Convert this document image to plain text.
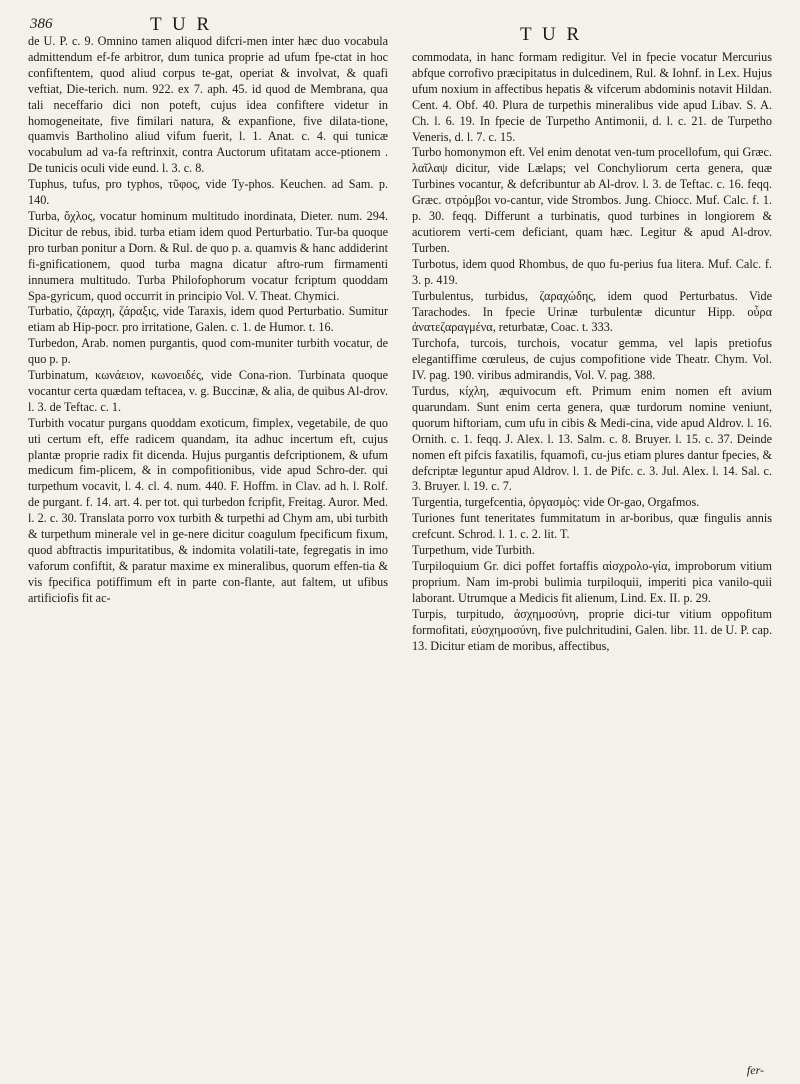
386	T U R	T U R

de U. P. c. 9. Omnino tamen aliquod difcri-men inter hæc duo vocabula admittendum ef-fe arbitror, dum tunica proprie ad ufum fpe-ctat in hoc confiftentem, quod aliud corpus te-gat, operiat & involvat, & quafi veftiat, Die-terich. num. 922. ex 7. aph. 45. id quod de Membrana, qua tali neceffario dici non poteft, cujus idea confiftere videtur in homogeneitate, five fimilari natura, & expanfione, five dilata-tione, quamvis Bartholino aliud vifum fuerit, l. 1. Anat. c. 4. qui tunicæ vocabulum ad va-fa reftrinxit, contra Auctorum ufitatam acce-ptionem . De tunicis oculi vide eund. l. 3. c. 8.

Tuphus, tufus, pro typhos, τῦφος, vide Ty-phos. Keuchen. ad Sam. p. 140.

Turba, ὄχλος, vocatur hominum multitudo inordinata, Dieter. num. 294. Dicitur de rebus, ibid. turba etiam idem quod Perturbatio. Tur-ba quoque pro turban ponitur a Dorn. & Rul. de quo p. a. quamvis & hanc addiderint fi-gnificationem, quod turba magna dicatur aftro-rum firmamenti innumera multitudo. Turba Philofophorum vocatur fcriptum quoddam Spa-gyricum, quod occurrit in principio Vol. V. Theat. Chymici.

Turbatio, ζάραχη, ζάραξις, vide Taraxis, idem quod Perturbatio. Sumitur etiam ab Hip-pocr. pro irritatione, Galen. c. 1. de Humor. t. 16.

Turbedon, Arab. nomen purgantis, quod com-muniter turbith vocatur, de quo p. p.

Turbinatum, κωνάειον, κωνοειδές, vide Cona-rion. Turbinata quoque vocantur certa quædam teftacea, v. g. Buccinæ, & alia, de quibus Al-drov. l. 3. de Teftac. c. 1.

Turbith vocatur purgans quoddam exoticum, fimplex, vegetabile, de quo uti certum eft, effe radicem quandam, ita adhuc incertum eft, cujus plantæ proprie radix fit dicenda. Hujus purgantis defcriptionem, & ufum medicum fim-plicem, & in compofitionibus, vide apud Schro-der. qui turpethum vocavit, l. 4. cl. 4. num. 440. F. Hoffm. in Clav. ad h. l. Rolf. de purgant. f. 14. art. 4. per tot. qui turbedon fcripfit, Freitag. Auror. Med. l. 2. c. 30. Translata porro vox turbith & turpethi ad Chym am, ubi turbith & turpethum minerale vel in ge-nere dicitur coagulum fpecificum fixum, quod abftractis impuritatibus, & indomita volatili-tate, fegregatis in imo vaforum confiftit, & paratur maxime ex mineralibus, quorum effen-tia & vis fpecifica potiffimum eft in parte con-flante, aut faltem, ut ufibus artificiofis fit ac-

commodata, in hanc formam redigitur. Vel in fpecie vocatur Mercurius abfque corrofivo præcipitatus in dulcedinem, Rul. & Iohnf. in Lex. Hujus ufum noxium in affectibus hepatis & vifcerum abdominis notavit Hildan. Cent. 4. Obf. 40. Plura de turpethis mineralibus vide apud Libav. S. A. Ch. l. 6. 19. In fpecie de Turpetho Antimonii, d. l. c. 21. de Turpetho Veneris, d. l. 7. c. 15.

Turbo homonymon eft. Vel enim denotat ven-tum procellofum, qui Græc. λαῖλαψ dicitur, vide Lælaps; vel Conchyliorum certa genera, quæ Turbines vocantur, & defcribuntur ab Al-drov. l. 3. de Teftac. c. 16. feqq. Græc. στρόμβοι vo-cantur, vide Strombos. Jung. Chiocc. Muf. Calc. f. 1. p. 30. feqq. Differunt a turbinatis, quod turbines in longiorem & acutiorem verti-cem deficiant, quam hæc. Legitur & apud Al-drov. Turben.

Turbotus, idem quod Rhombus, de quo fu-perius fua litera. Muf. Calc. f. 3. p. 419.

Turbulentus, turbidus, ζαραχώδης, idem quod Perturbatus. Vide Tarachodes. In fpecie Urinæ turbulentæ dicuntur Hipp. οὖρα ἀνατεζαραγμένα, returbatæ, Coac. t. 333.

Turchofa, turcois, turchois, vocatur gemma, vel lapis pretiofus elegantiffime cœruleus, de cujus compofitione vide Theatr. Chym. Vol. IV. pag. 190. viribus admirandis, Vol. V. pag. 388.

Turdus, κίχλη, æquivocum eft. Primum enim nomen eft avium quarundam. Sunt enim certa genera, quæ turdorum nomine veniunt, quorum hiftoriam, cum ufu in cibis & Medi-cina, vide apud Aldrov. l. 16. Ornith. c. 1. feqq. J. Alex. l. 13. Salm. c. 8. Bruyer. l. 15. c. 37. Deinde nomen eft pifcis faxatilis, fquamofi, cu-jus etiam plures dantur fpecies, & defcriptæ leguntur apud Aldrov. l. 1. de Pifc. c. 3. Jul. Alex. l. 14. Sal. c. 3. Bruyer. l. 19. c. 7.

Turgentia, turgefcentia, ὀργασμὸς: vide Or-gao, Orgafmos.

Turiones funt teneritates fummitatum in ar-boribus, quæ fingulis annis crefcunt. Schrod. l. 1. c. 2. lit. T.

Turpethum, vide Turbith.

Turpiloquium Gr. dici poffet fortaffis αἰσχρολο-γία, improborum vitium proprium. Nam im-probi bulimia turpiloquii, imperiti pica vanilo-quii laborant. Utrumque a Medicis fit alienum, Lind. Ex. II. p. 29.

Turpis, turpitudo, ἀσχημοσύνη, proprie dici-tur vitium oppofitum formofitati, εὐσχημοσύνη, five pulchritudini, Galen. libr. 11. de U. P. cap. 13. Dicitur etiam de moribus, affectibus,

fer-
